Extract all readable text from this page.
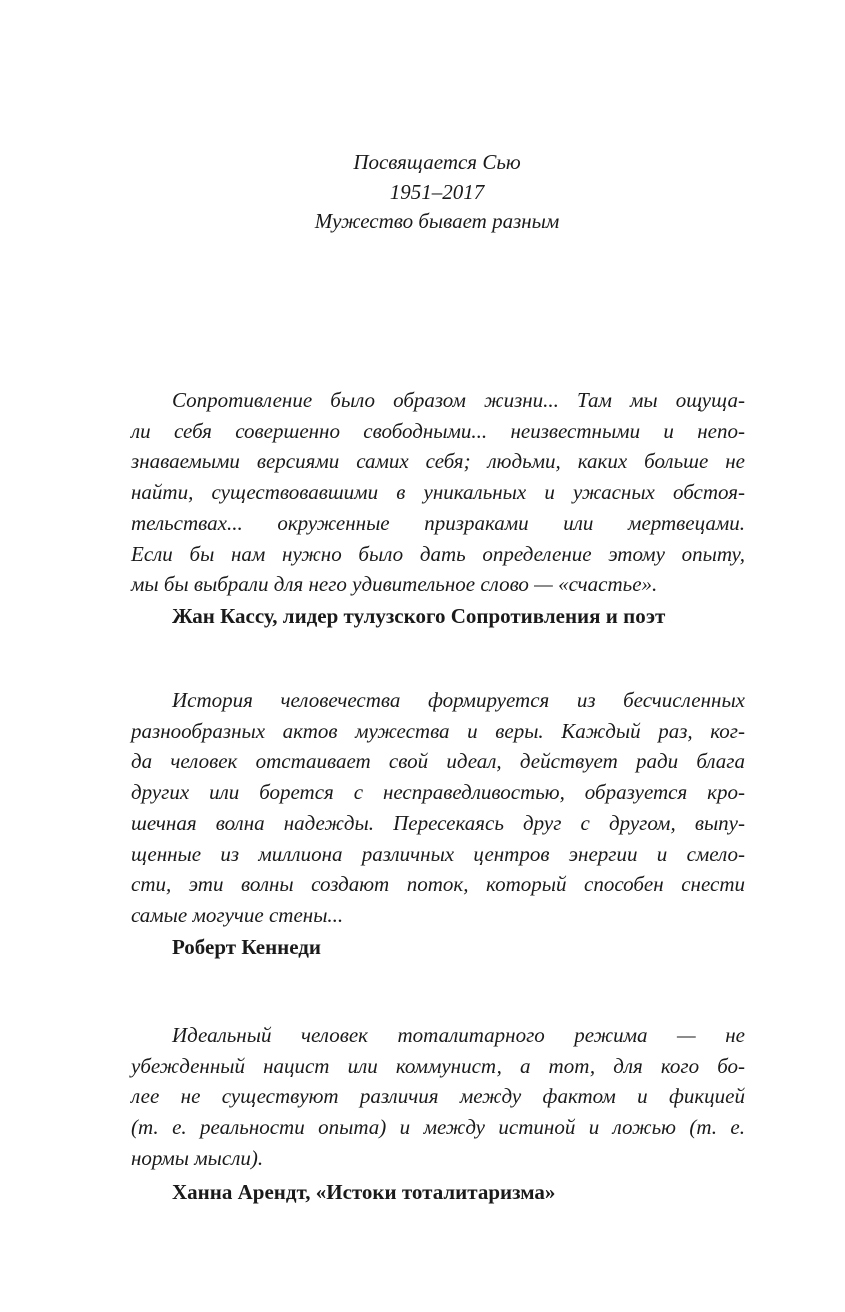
Посвящается Сью
1951–2017
Мужество бывает разным
Сопротивление было образом жизни... Там мы ощуща-
ли себя совершенно свободными... неизвестными и непо-
знаваемыми версиями самих себя; людьми, каких больше не
найти, существовавшими в уникальных и ужасных обстоя-
тельствах... окруженные призраками или мертвецами.
Если бы нам нужно было дать определение этому опыту,
мы бы выбрали для него удивительное слово — «счастье».
Жан Кассу, лидер тулузского Сопротивления и поэт
История человечества формируется из бесчисленных
разнообразных актов мужества и веры. Каждый раз, ког-
да человек отстаивает свой идеал, действует ради блага
других или борется с несправедливостью, образуется кро-
шечная волна надежды. Пересекаясь друг с другом, выпу-
щенные из миллиона различных центров энергии и смело-
сти, эти волны создают поток, который способен снести
самые могучие стены...
Роберт Кеннеди
Идеальный человек тоталитарного режима — не
убежденный нацист или коммунист, а тот, для кого бо-
лее не существуют различия между фактом и фикцией
(т. е. реальности опыта) и между истиной и ложью (т. е.
нормы мысли).
Ханна Арендт, «Истоки тоталитаризма»
